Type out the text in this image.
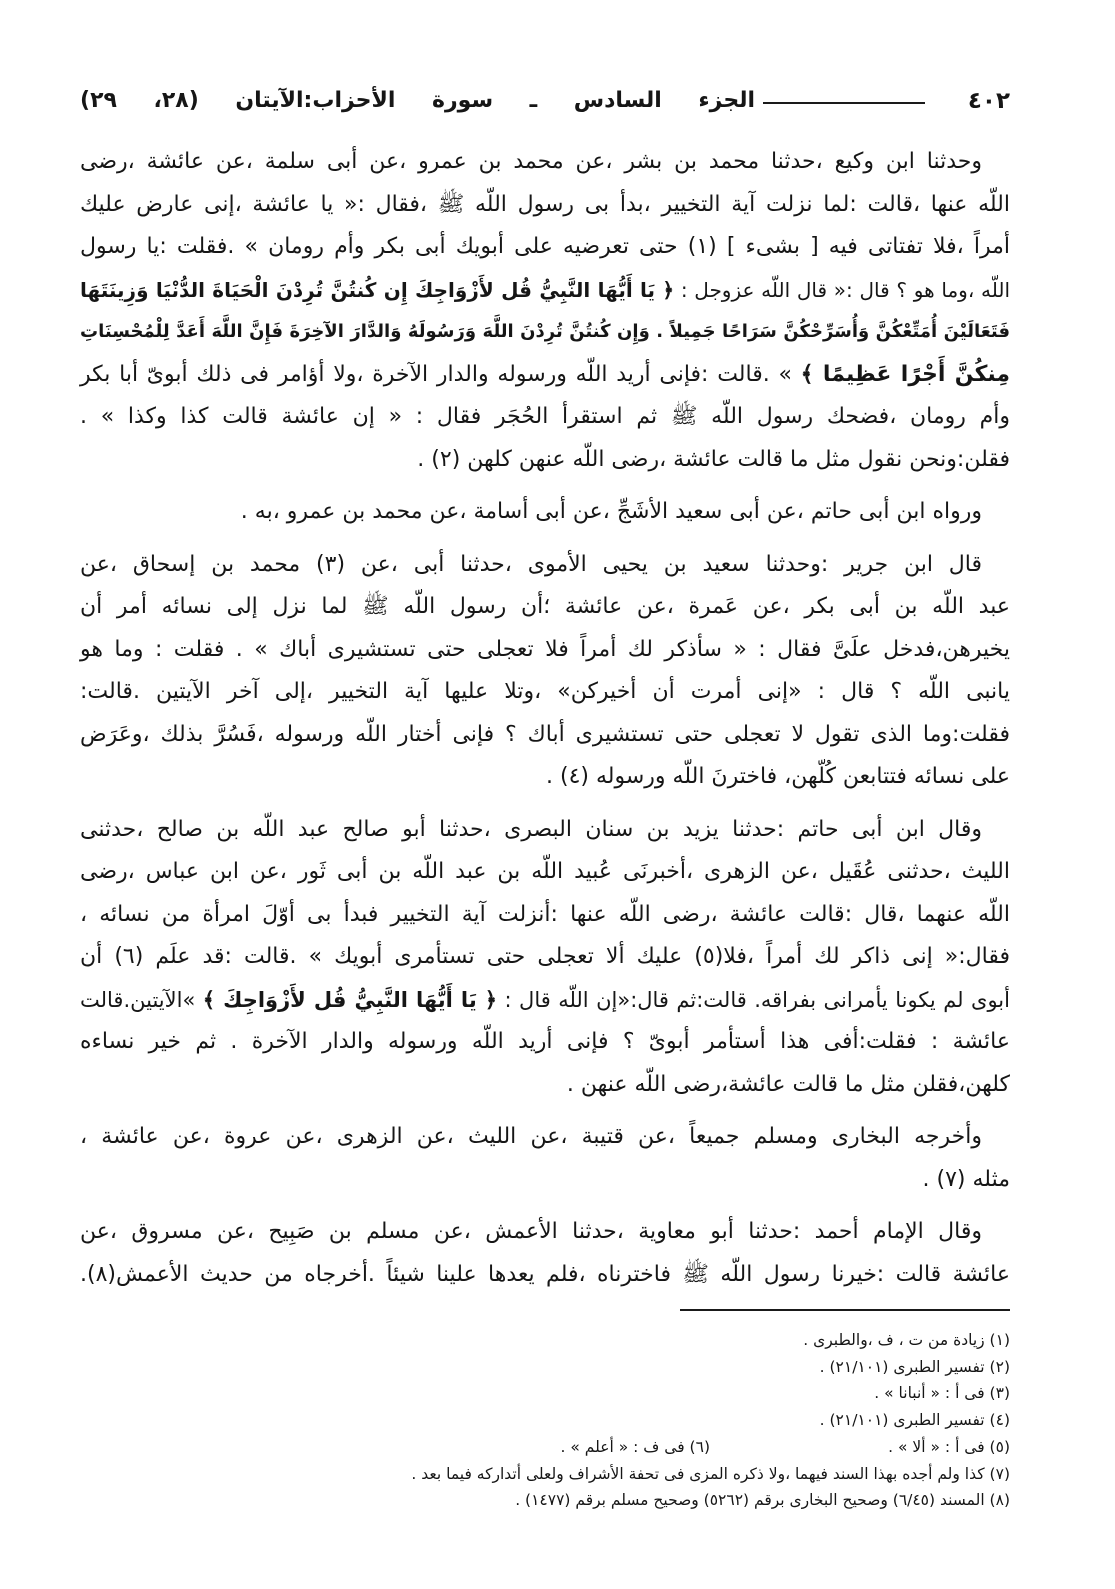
٤٠٢
الجزء السادس ـ سورة الأحزاب:الآيتان (٢٨، ٢٩)
وحدثنا ابن وكيع ،حدثنا محمد بن بشر ،عن محمد بن عمرو ،عن أبى سلمة ،عن عائشة ،رضى
اللّه عنها ،قالت :لما نزلت آية التخيير ،بدأ بى رسول اللّه ﷺ ،فقال :« يا عائشة ،إنى عارض عليك
أمراً ،فلا تفتاتى فيه [ بشىء ] (١) حتى تعرضيه على أبويك أبى بكر وأم رومان » .فقلت :يا رسول
اللّه ،وما هو ؟ قال :« قال اللّه عزوجل : ﴿ يَا أَيُّهَا النَّبِيُّ قُل لأَزْوَاجِكَ إِن كُنتُنَّ تُرِدْنَ الْحَيَاةَ الدُّنْيَا وَزِينَتَهَا
فَتَعَالَيْنَ أُمَتِّعْكُنَّ وَأُسَرِّحْكُنَّ سَرَاحًا جَمِيلاً . وَإِن كُنتُنَّ تُرِدْنَ اللَّهَ وَرَسُولَهُ وَالدَّارَ الآخِرَةَ فَإِنَّ اللَّهَ أَعَدَّ لِلْمُحْسِنَاتِ
مِنكُنَّ أَجْرًا عَظِيمًا ﴾ » .قالت :فإنى أريد اللّه ورسوله والدار الآخرة ،ولا أؤامر فى ذلك أبوىّ أبا بكر
وأم رومان ،فضحك رسول اللّه ﷺ ثم استقرأ الحُجَر فقال : « إن عائشة قالت كذا وكذا » .
فقلن:ونحن نقول مثل ما قالت عائشة ،رضى اللّه عنهن كلهن (٢) .
ورواه ابن أبى حاتم ،عن أبى سعيد الأشَجِّ ،عن أبى أسامة ،عن محمد بن عمرو ،به .
قال ابن جرير :وحدثنا سعيد بن يحيى الأموى ،حدثنا أبى ،عن (٣) محمد بن إسحاق ،عن
عبد اللّه بن أبى بكر ،عن عَمرة ،عن عائشة ؛أن رسول اللّه ﷺ لما نزل إلى نسائه أمر أن
يخيرهن،فدخل علَىَّ فقال : « سأذكر لك أمراً فلا تعجلى حتى تستشيرى أباك » . فقلت : وما هو
يانبى اللّه ؟ قال : «إنى أمرت أن أخيركن» ،وتلا عليها آية التخيير ،إلى آخر الآيتين .قالت:
فقلت:وما الذى تقول لا تعجلى حتى تستشيرى أباك ؟ فإنى أختار اللّه ورسوله ،فَسُرَّ بذلك ،وعَرَض
على نسائه فتتابعن كُلّهن، فاخترنَ اللّه ورسوله (٤) .
وقال ابن أبى حاتم :حدثنا يزيد بن سنان البصرى ،حدثنا أبو صالح عبد اللّه بن صالح ،حدثنى
الليث ،حدثنى عُقَيل ،عن الزهرى ،أخبرنَى عُبيد اللّه بن عبد اللّه بن أبى ثَور ،عن ابن عباس ،رضى
اللّه عنهما ،قال :قالت عائشة ،رضى اللّه عنها :أنزلت آية التخيير فبدأ بى أوّلَ امرأة من نسائه ،
فقال:« إنى ذاكر لك أمراً ،فلا(٥) عليك ألا تعجلى حتى تستأمرى أبويك » .قالت :قد علَم (٦) أن
أبوى لم يكونا يأمرانى بفراقه. قالت:ثم قال:«إن اللّه قال : ﴿ يَا أَيُّهَا النَّبِيُّ قُل لأَزْوَاجِكَ ﴾ »الآيتين.قالت
عائشة : فقلت:أفى هذا أستأمر أبوىّ ؟ فإنى أريد اللّه ورسوله والدار الآخرة . ثم خير نساءه
كلهن،فقلن مثل ما قالت عائشة،رضى اللّه عنهن .
وأخرجه البخارى ومسلم جميعاً ،عن قتيبة ،عن الليث ،عن الزهرى ،عن عروة ،عن عائشة ،
مثله (٧) .
وقال الإمام أحمد :حدثنا أبو معاوية ،حدثنا الأعمش ،عن مسلم بن صَبِيح ،عن مسروق ،عن
عائشة قالت :خيرنا رسول اللّه ﷺ فاخترناه ،فلم يعدها علينا شيئاً .أخرجاه من حديث الأعمش(٨).
(١) زيادة من ت ، ف ،والطبرى .
(٢) تفسير الطبرى (٢١/١٠١) .
(٣) فى أ : « أنبانا » .
(٤) تفسير الطبرى (٢١/١٠١) .
(٥) فى أ : « ألا » .(٦) فى ف : « أعلم » .
(٧) كذا ولم أجده بهذا السند فيهما ،ولا ذكره المزى فى تحفة الأشراف ولعلى أتداركه فيما بعد .
(٨) المسند (٦/٤٥) وصحيح البخارى برقم (٥٢٦٢) وصحيح مسلم برقم (١٤٧٧) .
